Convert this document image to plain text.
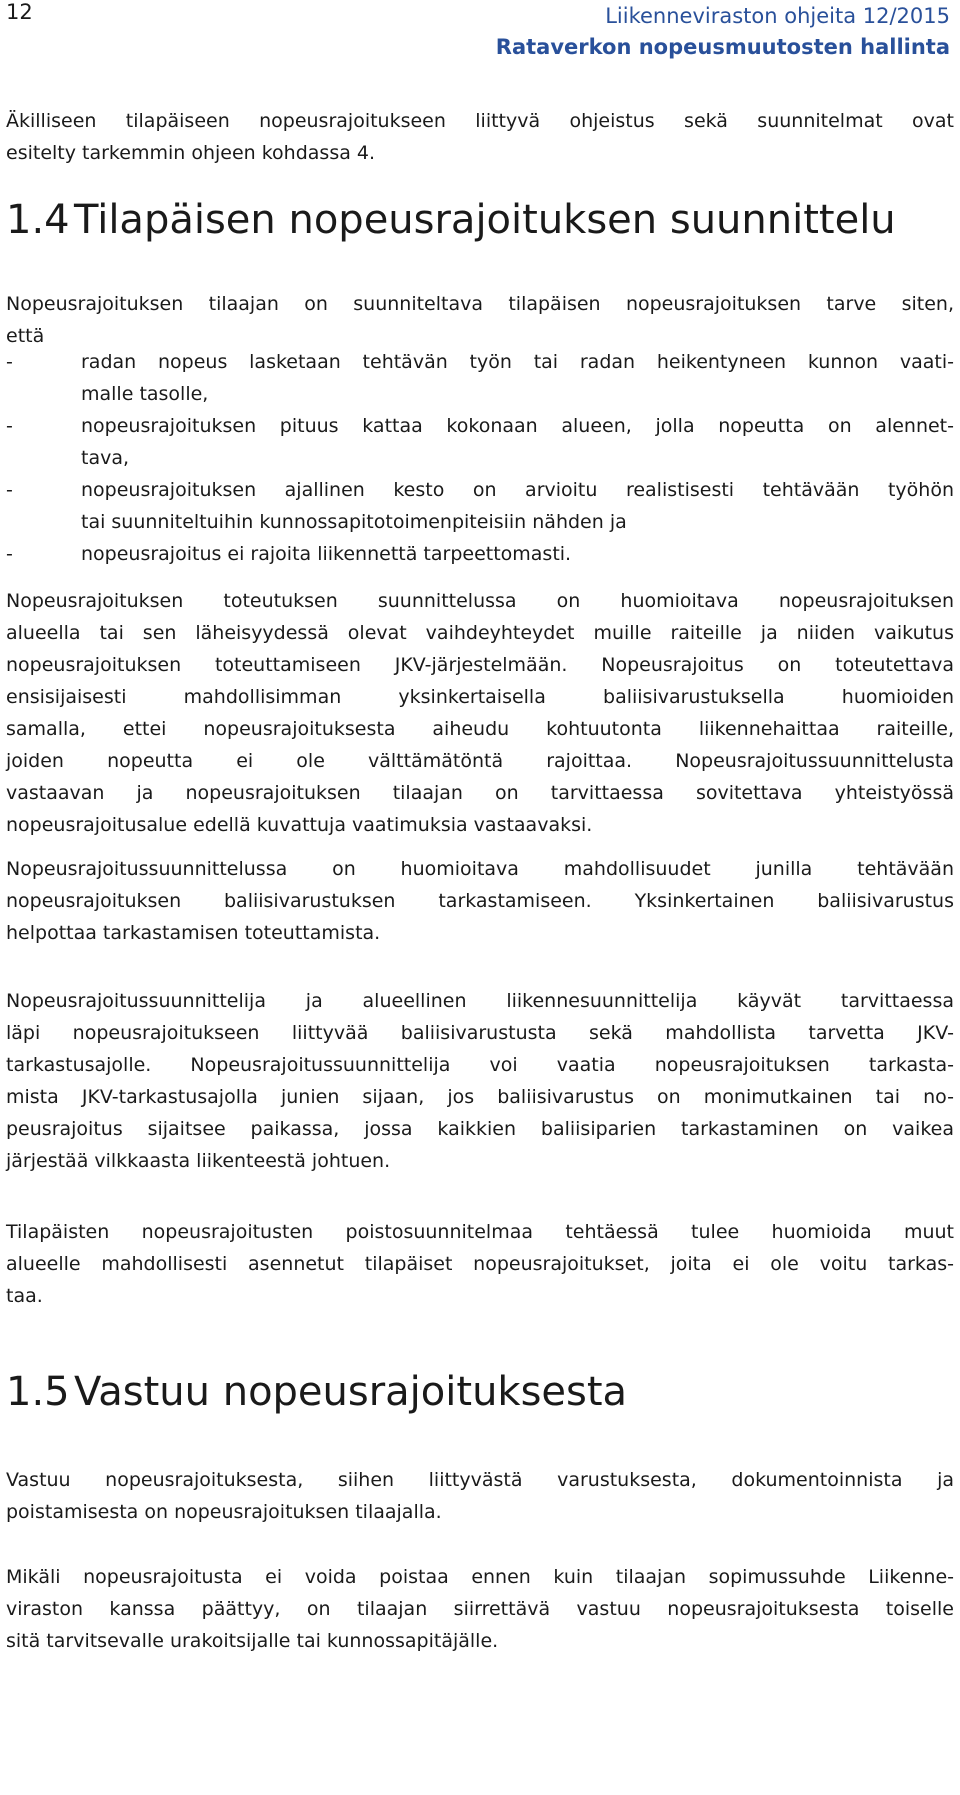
12	Liikenneviraston ohjeita 12/2015
Rataverkon nopeusmuutosten hallinta

Äkilliseen tilapäiseen nopeusrajoitukseen liittyvä ohjeistus sekä suunnitelmat ovat
esitelty tarkemmin ohjeen kohdassa 4.

1.4 Tilapäisen nopeusrajoituksen suunnittelu

Nopeusrajoituksen tilaajan on suunniteltava tilapäisen nopeusrajoituksen tarve siten,
että

-	radan nopeus lasketaan tehtävän työn tai radan heikentyneen kunnon vaati-
malle tasolle,
-	nopeusrajoituksen pituus kattaa kokonaan alueen, jolla nopeutta on alennet-
tava,
-	nopeusrajoituksen ajallinen kesto on arvioitu realistisesti tehtävään työhön
tai suunniteltuihin kunnossapitotoimenpiteisiin nähden ja
-	nopeusrajoitus ei rajoita liikennettä tarpeettomasti.

Nopeusrajoituksen toteutuksen suunnittelussa on huomioitava nopeusrajoituksen
alueella tai sen läheisyydessä olevat vaihdeyhteydet muille raiteille ja niiden vaikutus
nopeusrajoituksen toteuttamiseen JKV-järjestelmään. Nopeusrajoitus on toteutettava
ensisijaisesti mahdollisimman yksinkertaisella baliisivarustuksella huomioiden
samalla, ettei nopeusrajoituksesta aiheudu kohtuutonta liikennehaittaa raiteille,
joiden nopeutta ei ole välttämätöntä rajoittaa. Nopeusrajoitussuunnittelusta
vastaavan ja nopeusrajoituksen tilaajan on tarvittaessa sovitettava yhteistyössä
nopeusrajoitusalue edellä kuvattuja vaatimuksia vastaavaksi.

Nopeusrajoitussuunnittelussa on huomioitava mahdollisuudet junilla tehtävään
nopeusrajoituksen baliisivarustuksen tarkastamiseen. Yksinkertainen baliisivarustus
helpottaa tarkastamisen toteuttamista.

Nopeusrajoitussuunnittelija ja alueellinen liikennesuunnittelija käyvät tarvittaessa
läpi nopeusrajoitukseen liittyvää baliisivarustusta sekä mahdollista tarvetta JKV-
tarkastusajolle. Nopeusrajoitussuunnittelija voi vaatia nopeusrajoituksen tarkasta-
mista JKV-tarkastusajolla junien sijaan, jos baliisivarustus on monimutkainen tai no-
peusrajoitus sijaitsee paikassa, jossa kaikkien baliisiparien tarkastaminen on vaikea
järjestää vilkkaasta liikenteestä johtuen.

Tilapäisten nopeusrajoitusten poistosuunnitelmaa tehtäessä tulee huomioida muut
alueelle mahdollisesti asennetut tilapäiset nopeusrajoitukset, joita ei ole voitu tarkas-
taa.

1.5 Vastuu nopeusrajoituksesta

Vastuu nopeusrajoituksesta, siihen liittyvästä varustuksesta, dokumentoinnista ja
poistamisesta on nopeusrajoituksen tilaajalla.

Mikäli nopeusrajoitusta ei voida poistaa ennen kuin tilaajan sopimussuhde Liikenne-
viraston kanssa päättyy, on tilaajan siirrettävä vastuu nopeusrajoituksesta toiselle
sitä tarvitsevalle urakoitsijalle tai kunnossapitäjälle.
